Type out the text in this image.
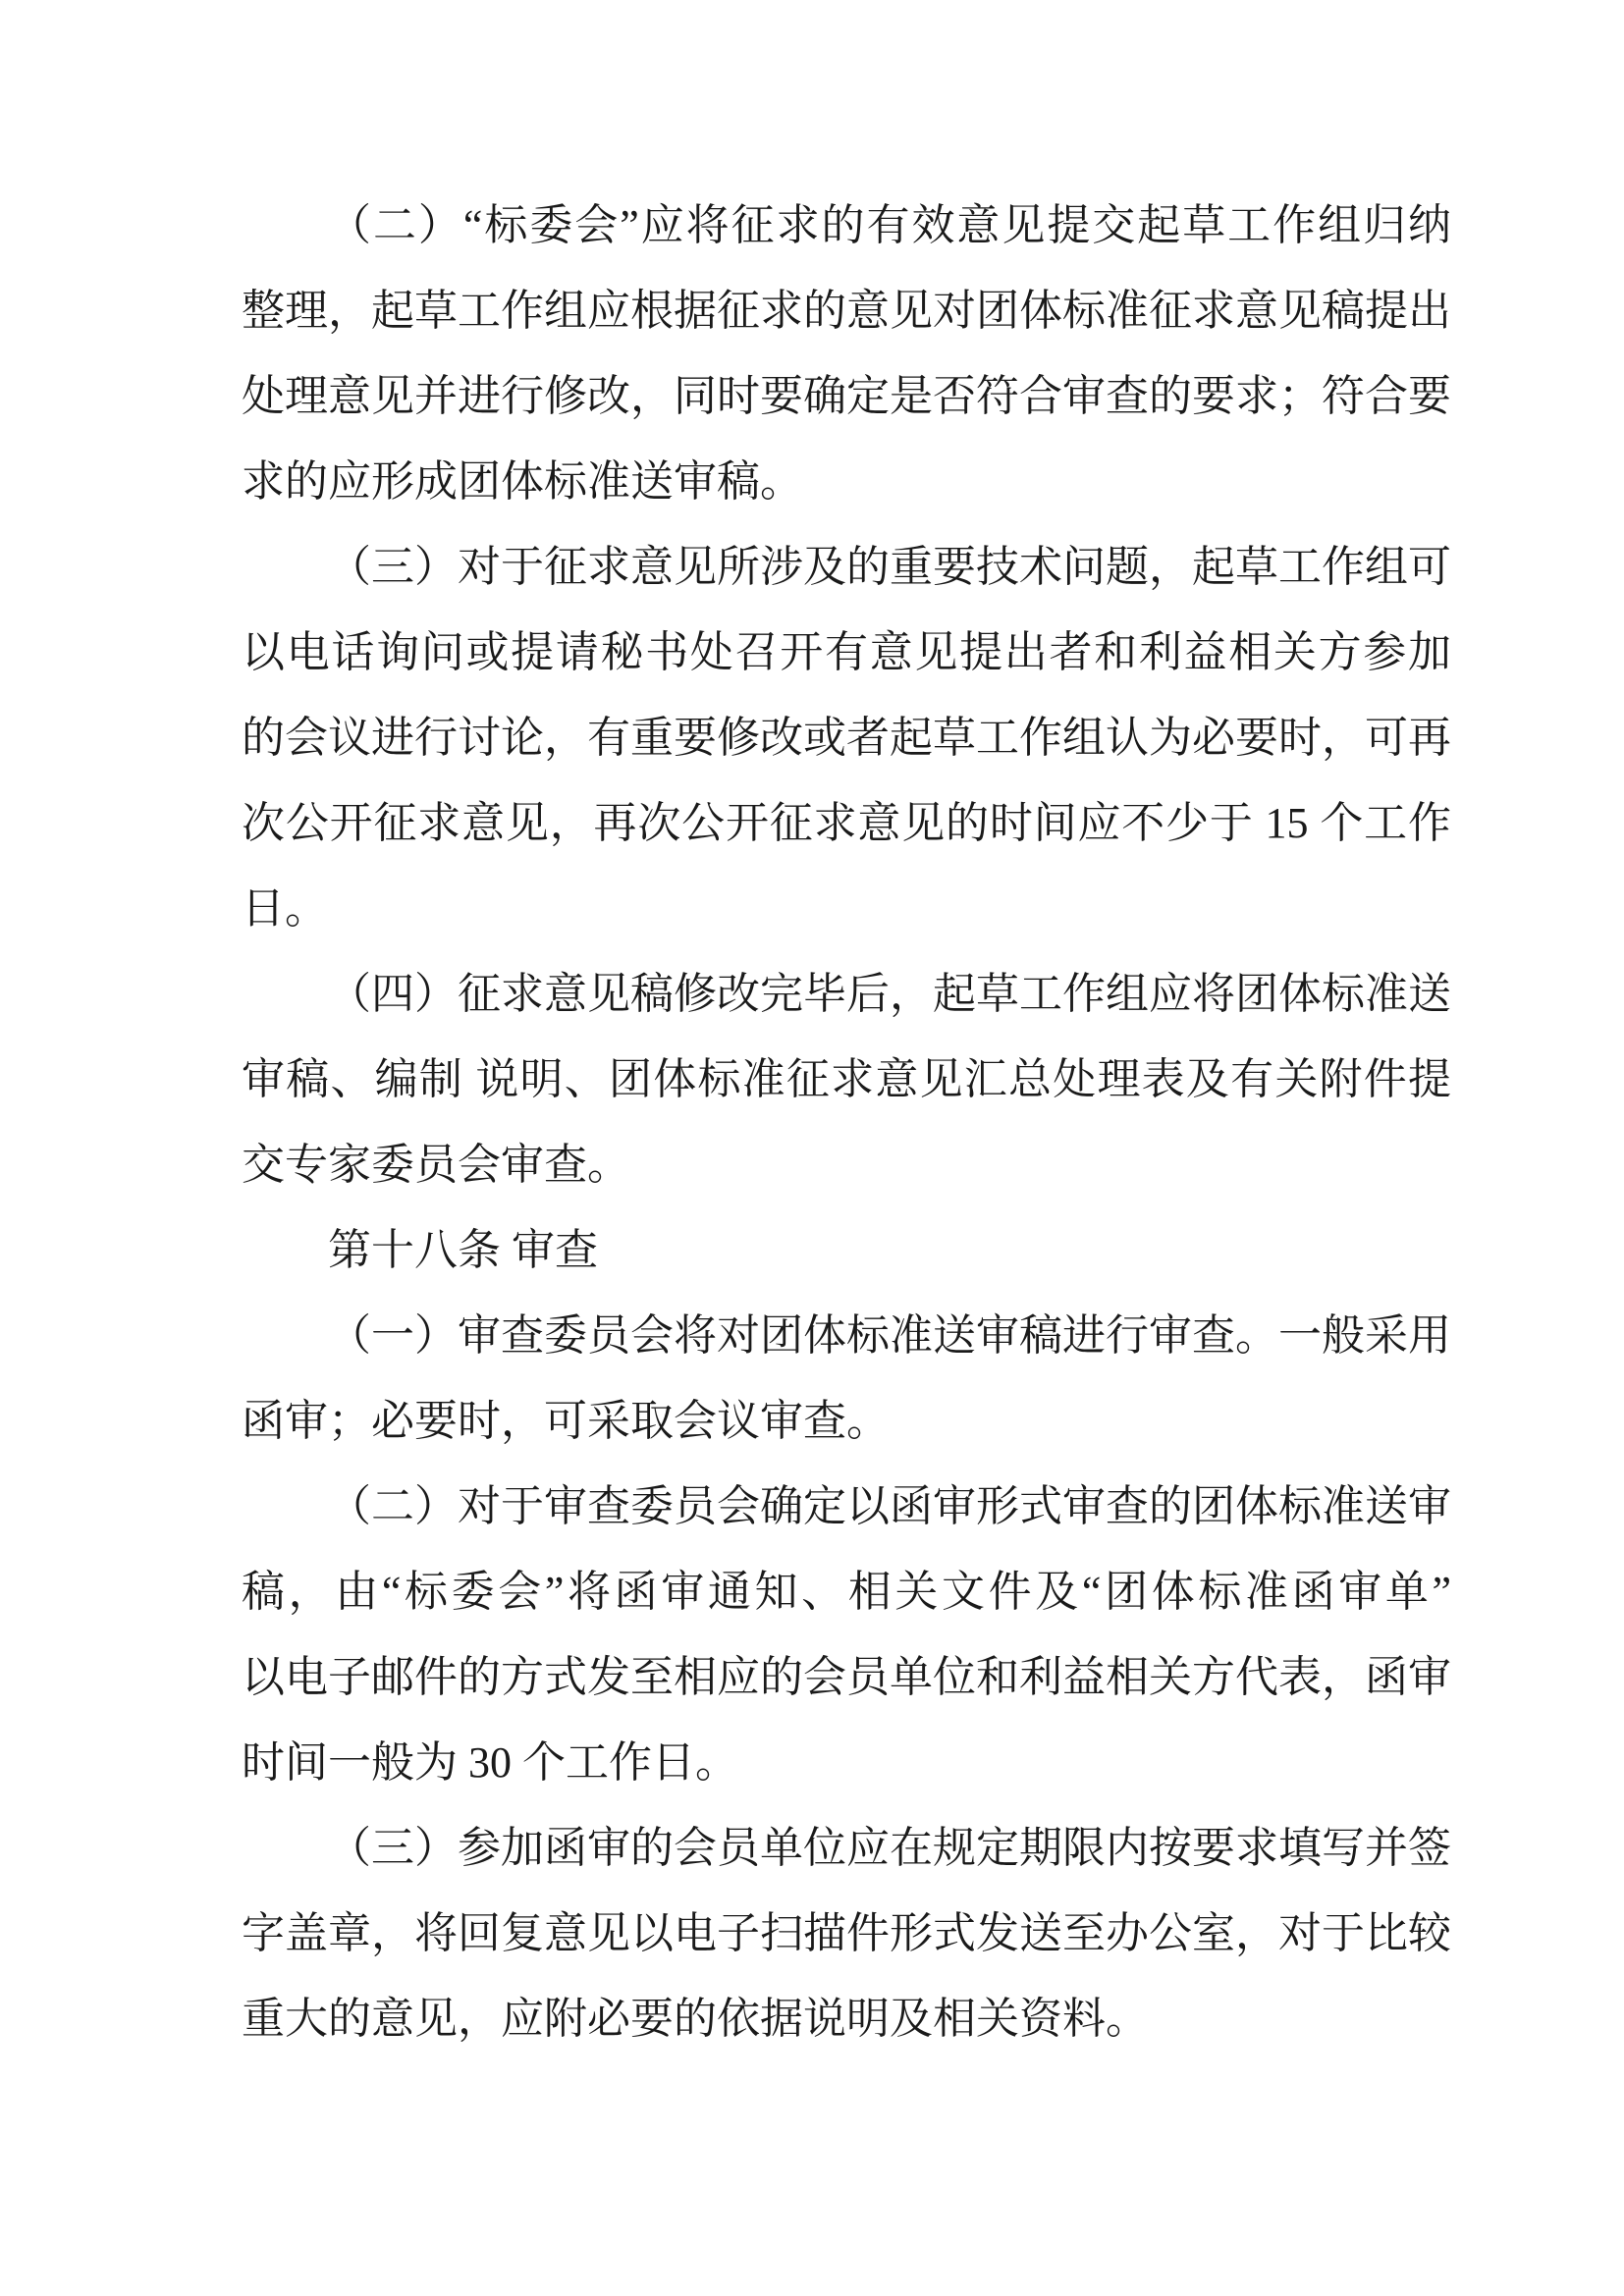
（二）“标委会”应将征求的有效意见提交起草工作组归纳
整理，起草工作组应根据征求的意见对团体标准征求意见稿提出
处理意见并进行修改，同时要确定是否符合审查的要求；符合要
求的应形成团体标准送审稿。
（三）对于征求意见所涉及的重要技术问题，起草工作组可
以电话询问或提请秘书处召开有意见提出者和利益相关方参加
的会议进行讨论，有重要修改或者起草工作组认为必要时，可再
次公开征求意见，再次公开征求意见的时间应不少于 15 个工作
日。
（四）征求意见稿修改完毕后，起草工作组应将团体标准送
审稿、编制 说明、团体标准征求意见汇总处理表及有关附件提
交专家委员会审查。
第十八条 审查
（一）审查委员会将对团体标准送审稿进行审查。一般采用
函审；必要时，可采取会议审查。
（二）对于审查委员会确定以函审形式审查的团体标准送审
稿，由“标委会”将函审通知、相关文件及“团体标准函审单”
以电子邮件的方式发至相应的会员单位和利益相关方代表，函审
时间一般为 30 个工作日。
（三）参加函审的会员单位应在规定期限内按要求填写并签
字盖章，将回复意见以电子扫描件形式发送至办公室，对于比较
重大的意见，应附必要的依据说明及相关资料。
